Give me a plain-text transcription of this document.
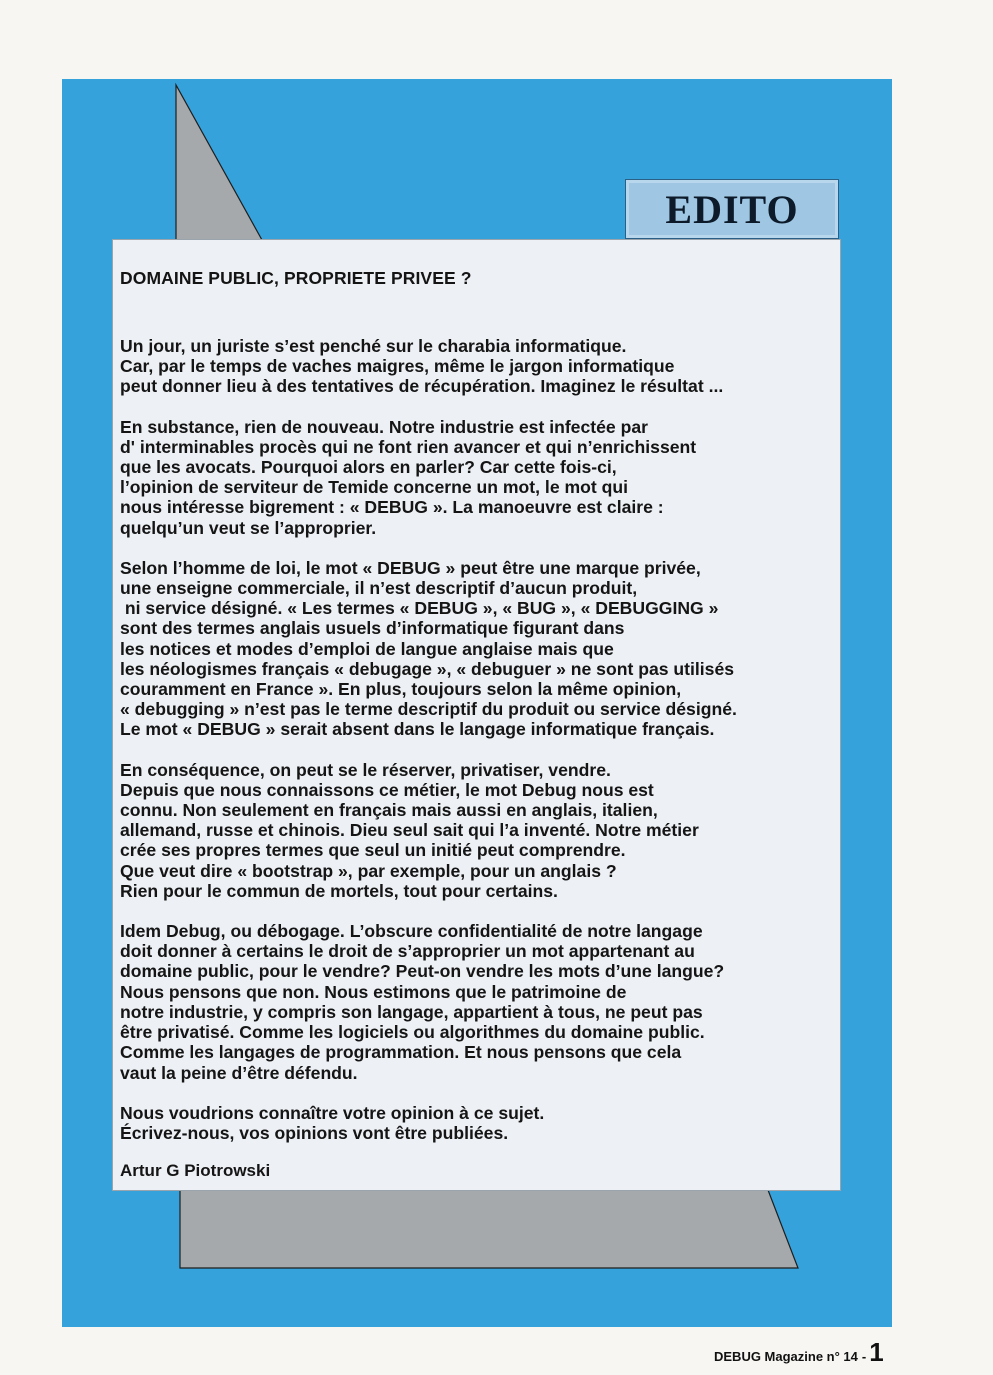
EDITO
DOMAINE PUBLIC, PROPRIETE PRIVEE ?
Un jour, un juriste s’est penché sur le charabia informatique.
Car, par le temps de vaches maigres, même le jargon informatique
peut donner lieu à des tentatives de récupération. Imaginez le résultat ...
En substance, rien de nouveau. Notre industrie est infectée par
d' interminables procès qui ne font rien avancer et qui n’enrichissent
que les avocats. Pourquoi alors en parler? Car cette fois-ci,
l’opinion de serviteur de Temide concerne un mot, le mot qui
nous intéresse bigrement : « DEBUG ». La manoeuvre est claire :
quelqu’un veut se l’approprier.
Selon l’homme de loi, le mot « DEBUG » peut être une marque privée,
une enseigne commerciale, il n’est descriptif d’aucun produit,
ni service désigné. « Les termes « DEBUG », « BUG », « DEBUGGING »
sont des termes anglais usuels d’informatique figurant dans
les notices et modes d’emploi de langue anglaise mais que
les néologismes français « debugage », « debuguer » ne sont pas utilisés
couramment en France ». En plus, toujours selon la même opinion,
« debugging » n’est pas le terme descriptif du produit ou service désigné.
Le mot « DEBUG » serait absent dans le langage informatique français.
En conséquence, on peut se le réserver, privatiser, vendre.
Depuis que nous connaissons ce métier, le mot Debug nous est
connu. Non seulement en français mais aussi en anglais, italien,
allemand, russe et chinois. Dieu seul sait qui l’a inventé. Notre métier
crée ses propres termes que seul un initié peut comprendre.
Que veut dire « bootstrap », par exemple, pour un anglais ?
Rien pour le commun de mortels, tout pour certains.
Idem Debug, ou débogage. L’obscure confidentialité de notre langage
doit donner à certains le droit de s’approprier un mot appartenant au
domaine public, pour le vendre? Peut-on vendre les mots d’une langue?
Nous pensons que non. Nous estimons que le patrimoine de
notre industrie, y compris son langage, appartient à tous, ne peut pas
être privatisé. Comme les logiciels ou algorithmes du domaine public.
Comme les langages de programmation. Et nous pensons que cela
vaut la peine d’être défendu.
Nous voudrions connaître votre opinion à ce sujet.
Écrivez-nous, vos opinions vont être publiées.
Artur G Piotrowski
DEBUG Magazine n° 14 - 1
